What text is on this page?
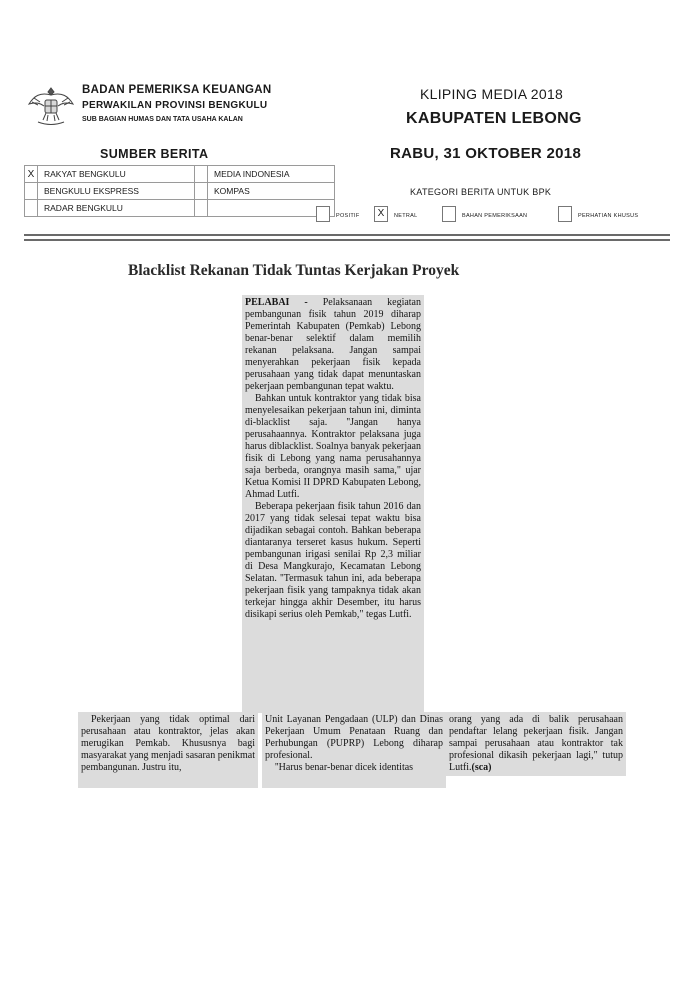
BADAN PEMERIKSA KEUANGAN
PERWAKILAN PROVINSI BENGKULU
SUB BAGIAN HUMAS DAN TATA USAHA KALAN
KLIPING MEDIA 2018
KABUPATEN LEBONG
SUMBER BERITA	RABU, 31 OKTOBER 2018
X	RAKYAT BENGKULU		MEDIA INDONESIA
	BENGKULU EKSPRESS		KOMPAS
	RADAR BENGKULU		
KATEGORI BERITA UNTUK BPK
POSITIF	X	NETRAL	BAHAN PEMERIKSAAN	PERHATIAN KHUSUS
Blacklist Rekanan Tidak Tuntas Kerjakan Proyek

PELABAI - Pelaksanaan kegiatan pembangunan fisik tahun 2019 diharap Pemerintah Kabupaten (Pemkab) Lebong benar-benar selektif dalam memilih rekanan pelaksana. Jangan sampai menyerahkan pekerjaan fisik kepada perusahaan yang tidak dapat menuntaskan pekerjaan pembangunan tepat waktu.

Bahkan untuk kontraktor yang tidak bisa menyelesaikan pekerjaan tahun ini, diminta di-blacklist saja. ''Jangan hanya perusahaannya. Kontraktor pelaksana juga harus diblacklist. Soalnya banyak pekerjaan fisik di Lebong yang nama perusahannya saja berbeda, orangnya masih sama," ujar Ketua Komisi II DPRD Kabupaten Lebong, Ahmad Lutfi.

Beberapa pekerjaan fisik tahun 2016 dan 2017 yang tidak selesai tepat waktu bisa dijadikan sebagai contoh. Bahkan beberapa diantaranya terseret kasus hukum. Seperti pembangunan irigasi senilai Rp 2,3 miliar di Desa Mangkurajo, Kecamatan Lebong Selatan. ''Termasuk tahun ini, ada beberapa pekerjaan fisik yang tampaknya tidak akan terkejar hingga akhir Desember, itu harus disikapi serius oleh Pemkab," tegas Lutfi.

Pekerjaan yang tidak optimal dari perusahaan atau kontraktor, jelas akan merugikan Pemkab. Khususnya bagi masyarakat yang menjadi sasaran penikmat pembangunan. Justru itu,

Unit Layanan Pengadaan (ULP) dan Dinas Pekerjaan Umum Penataan Ruang dan Perhubungan (PUPRP) Lebong diharap profesional.

''Harus benar-benar dicek identitas

orang yang ada di balik perusahaan pendaftar lelang pekerjaan fisik. Jangan sampai perusahaan atau kontraktor tak profesional dikasih pekerjaan lagi," tutup Lutfi.(sca)
